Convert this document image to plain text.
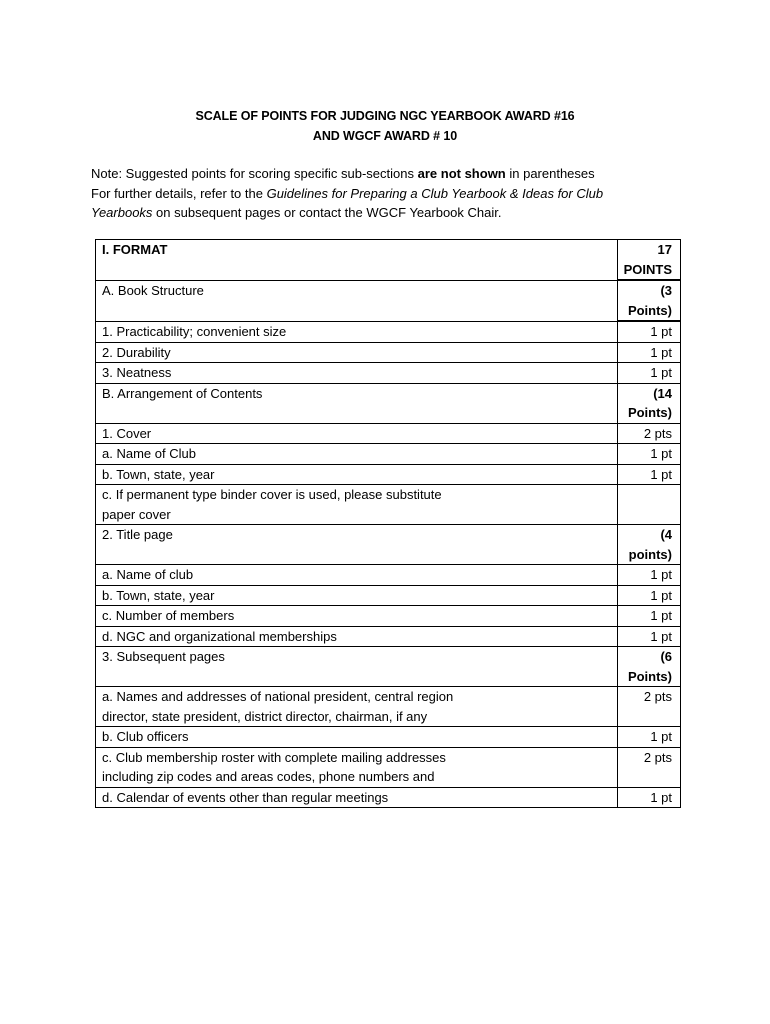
SCALE OF POINTS FOR JUDGING NGC YEARBOOK AWARD #16
AND WGCF AWARD # 10
Note: Suggested points for scoring specific sub-sections are not shown in parentheses
For further details, refer to the Guidelines for Preparing a Club Yearbook & Ideas for Club
Yearbooks on subsequent pages or contact the WGCF Yearbook Chair.
I. FORMAT	17 POINTS
A. Book Structure	(3 Points)
1. Practicability; convenient size	1 pt
2. Durability	1 pt
3. Neatness	1 pt
B. Arrangement of Contents	(14 Points)
1. Cover	2 pts
a. Name of Club	1 pt
b. Town, state, year	1 pt
c. If permanent type binder cover is used, please substitute paper cover	
2. Title page	(4 points)
a. Name of club	1 pt
b. Town, state, year	1 pt
c. Number of members	1 pt
d. NGC and organizational memberships	1 pt
3. Subsequent pages	(6 Points)
a. Names and addresses of national president, central region director, state president, district director, chairman, if any	2 pts
b. Club officers	1 pt
c. Club membership roster with complete mailing addresses including zip codes and areas codes, phone numbers and	2 pts
d. Calendar of events other than regular meetings	1 pt
